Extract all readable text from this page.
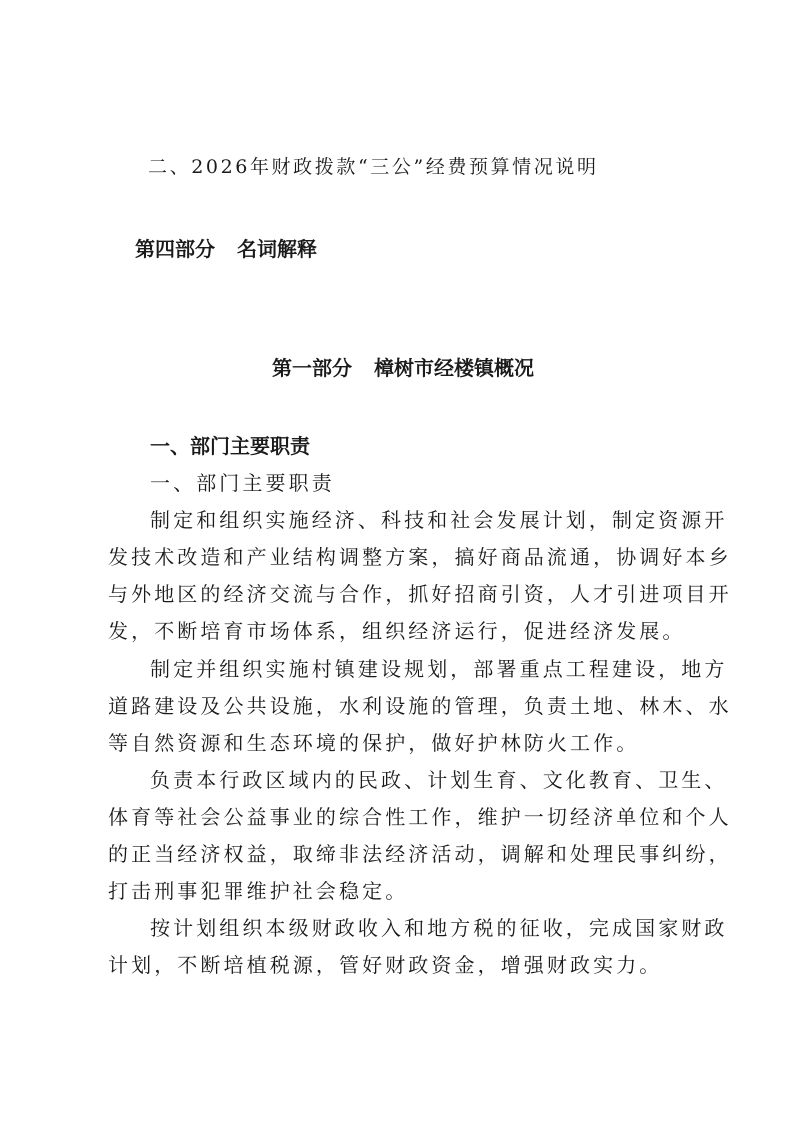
二、2026年财政拨款“三公”经费预算情况说明

第四部分 名词解释

第一部分 樟树市经楼镇概况

一、部门主要职责

一、部门主要职责

制定和组织实施经济、科技和社会发展计划，制定资源开

发技术改造和产业结构调整方案，搞好商品流通，协调好本乡

与外地区的经济交流与合作，抓好招商引资，人才引进项目开

发，不断培育市场体系，组织经济运行，促进经济发展。

制定并组织实施村镇建设规划，部署重点工程建设，地方

道路建设及公共设施，水利设施的管理，负责土地、林木、水

等自然资源和生态环境的保护，做好护林防火工作。

负责本行政区域内的民政、计划生育、文化教育、卫生、

体育等社会公益事业的综合性工作，维护一切经济单位和个人

的正当经济权益，取缔非法经济活动，调解和处理民事纠纷，

打击刑事犯罪维护社会稳定。

按计划组织本级财政收入和地方税的征收，完成国家财政

计划，不断培植税源，管好财政资金，增强财政实力。
